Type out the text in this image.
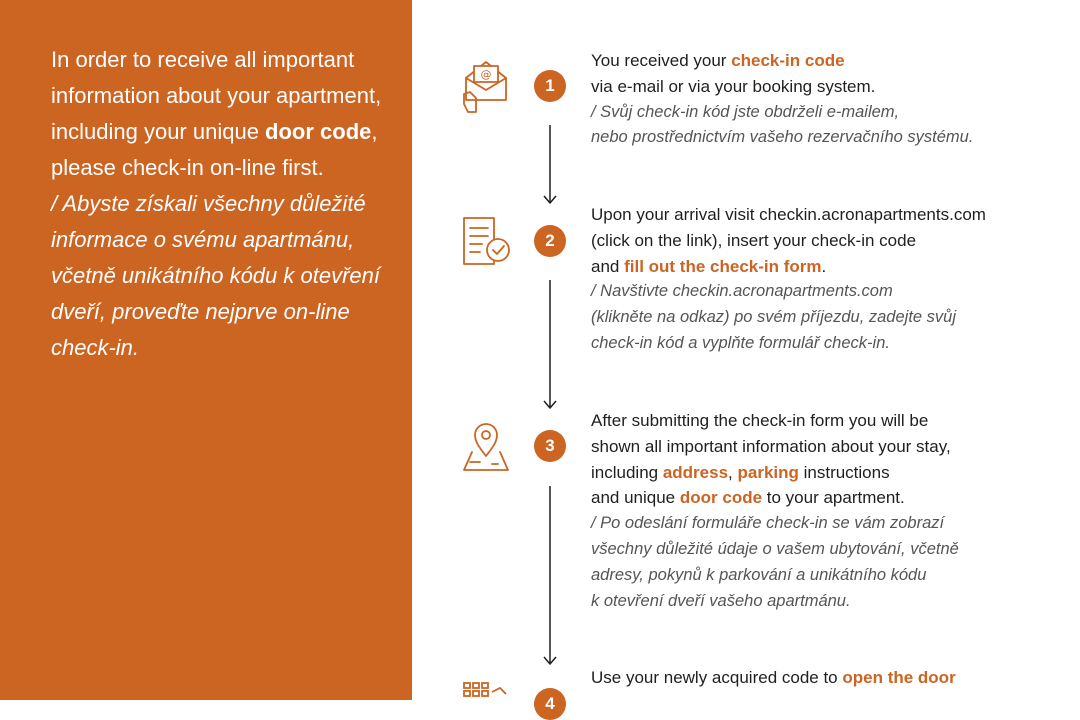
In order to receive all important information about your apartment, including your unique door code, please check-in on-line first.

/ Abyste získali všechny důležité informace o svému apartmánu, včetně unikátního kódu k otevření dveří, proveďte nejprve on-line check-in.

@
1
You received your check-in code
via e-mail or via your booking system.
/ Svůj check-in kód jste obdrželi e-mailem,
nebo prostřednictvím vašeho rezervačního systému.
2
Upon your arrival visit checkin.acronapartments.com
(click on the link), insert your check-in code
and fill out the check-in form.
/ Navštivte checkin.acronapartments.com
(klikněte na odkaz) po svém příjezdu, zadejte svůj
check-in kód a vyplňte formulář check-in.
3
After submitting the check-in form you will be
shown all important information about your stay,
including address, parking instructions
and unique door code to your apartment.
/ Po odeslání formuláře check-in se vám zobrazí
všechny důležité údaje o vašem ubytování, včetně
adresy, pokynů k parkování a unikátního kódu
k otevření dveří vašeho apartmánu.
4
Use your newly acquired code to open the door
